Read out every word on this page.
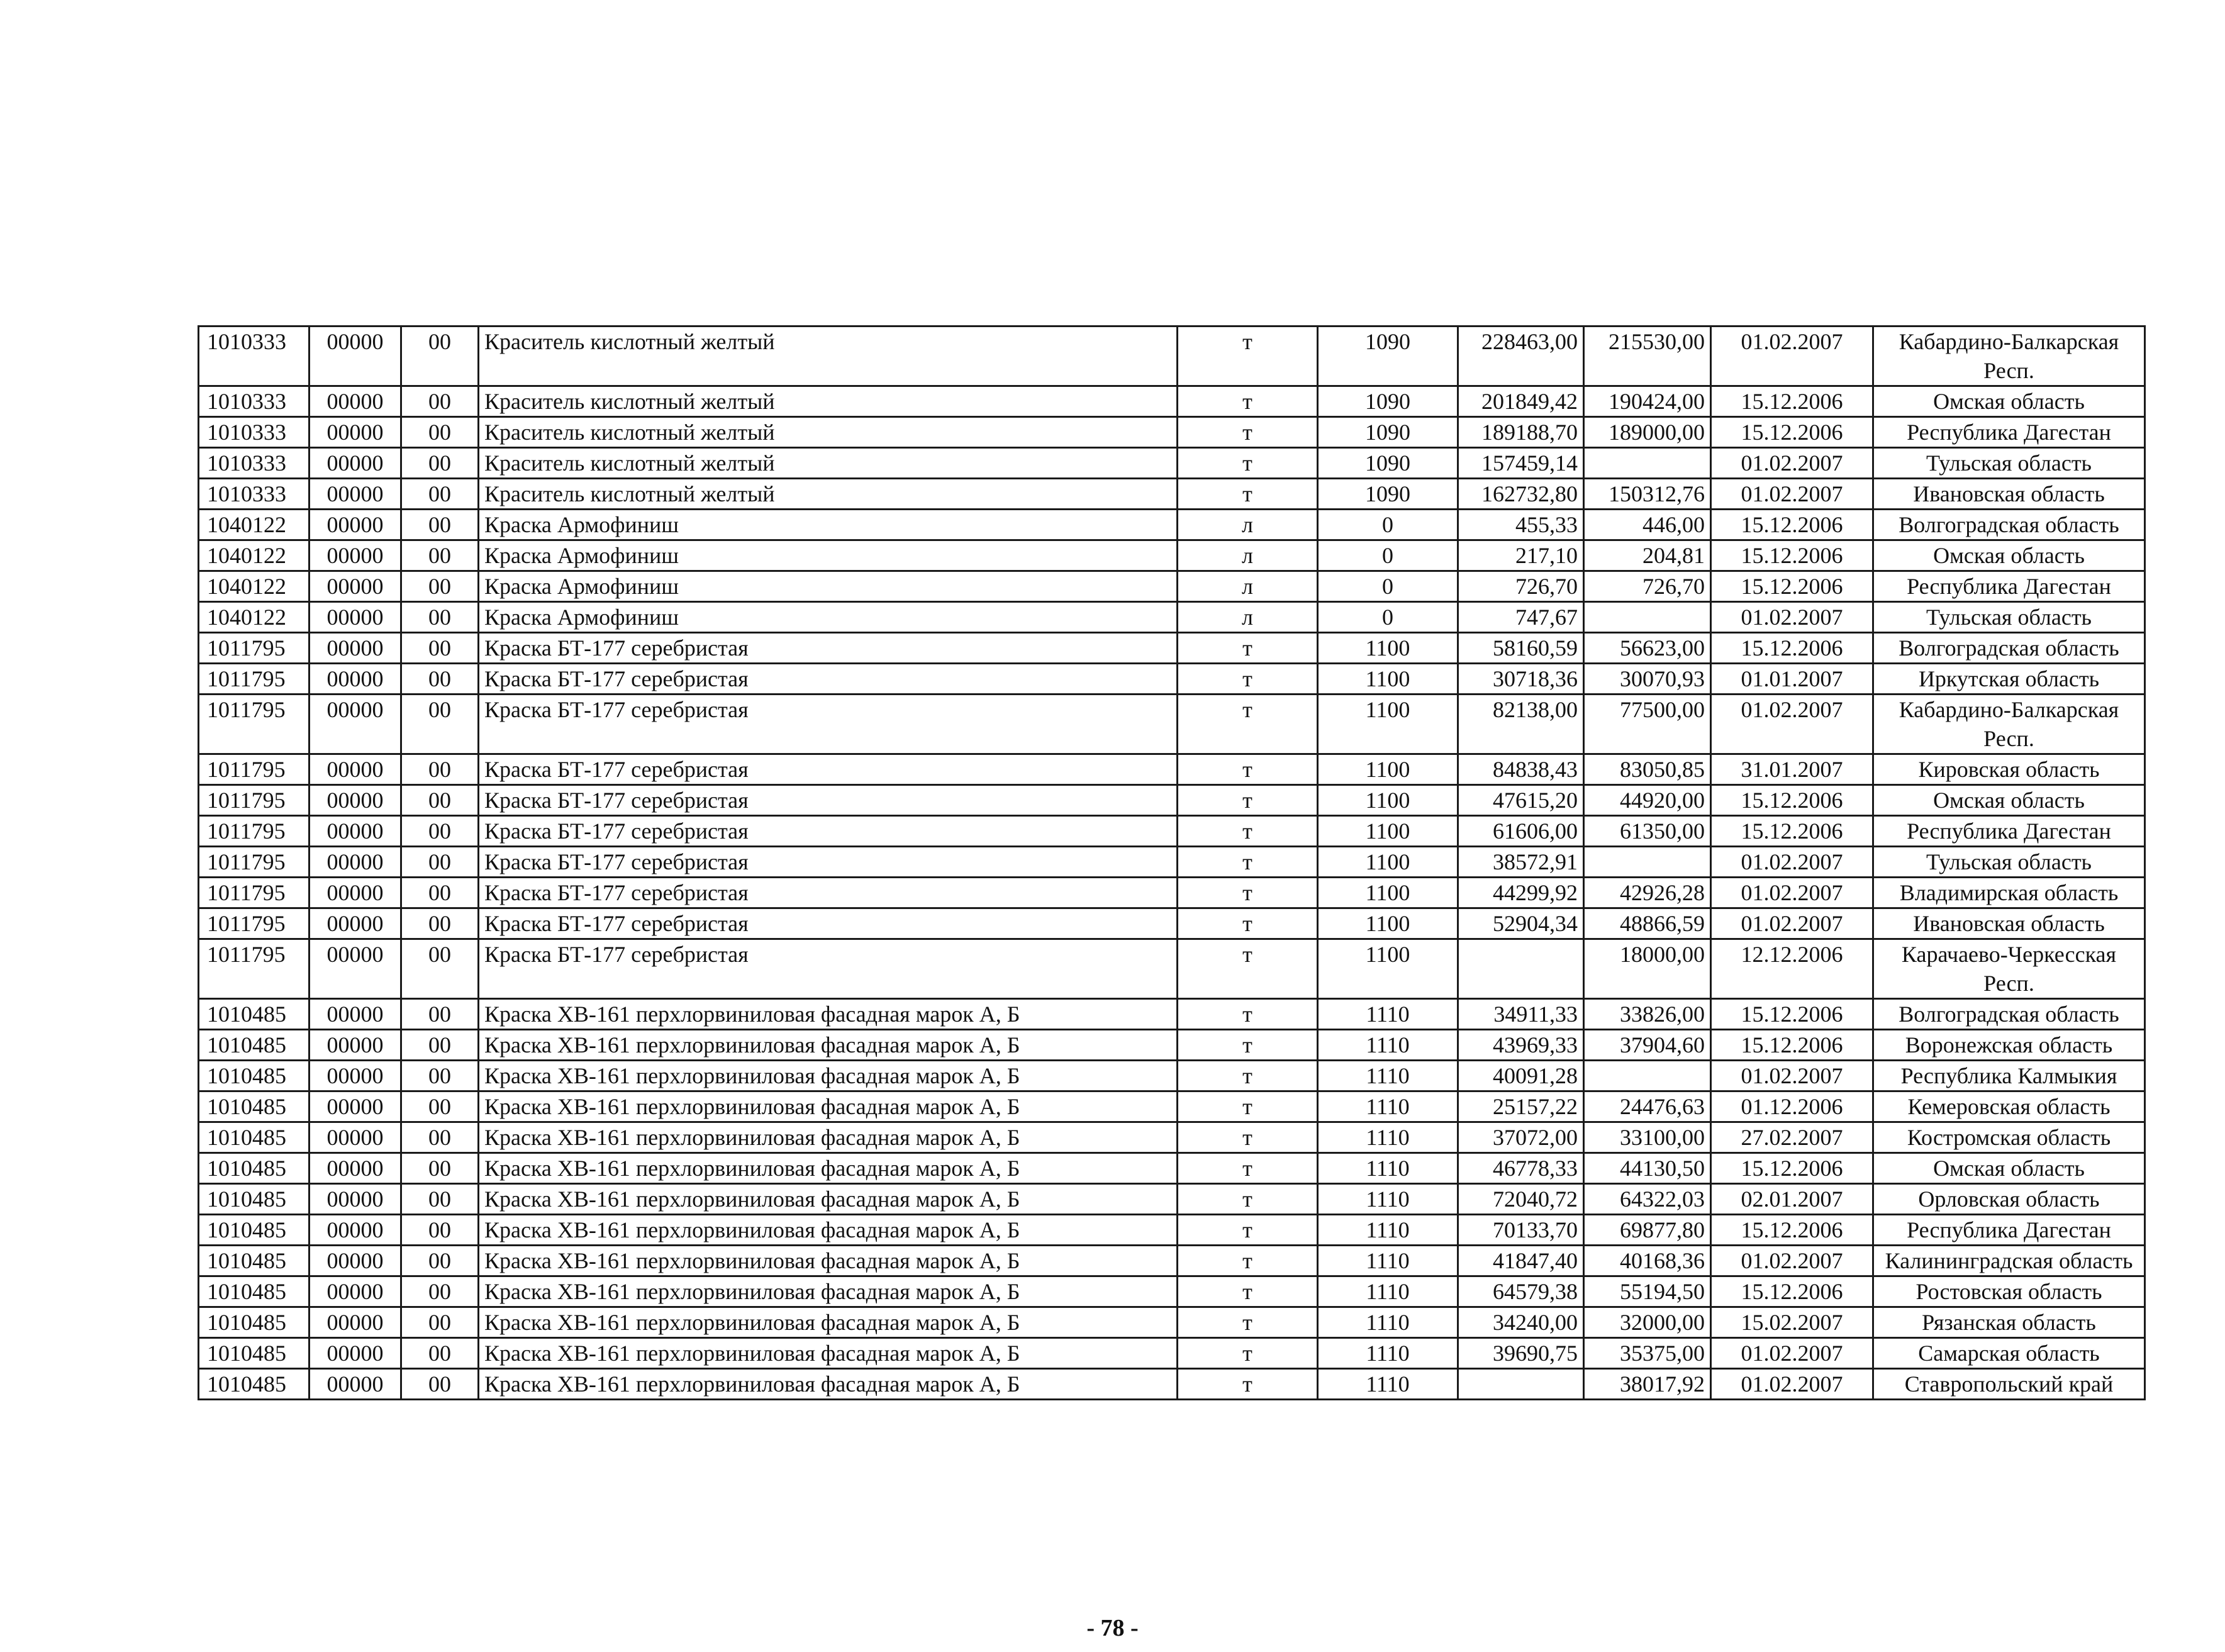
1010333	00000	00	Краситель кислотный желтый	т	1090	228463,00	215530,00	01.02.2007	Кабардино-Балкарская Респ.
1010333	00000	00	Краситель кислотный желтый	т	1090	201849,42	190424,00	15.12.2006	Омская область
1010333	00000	00	Краситель кислотный желтый	т	1090	189188,70	189000,00	15.12.2006	Республика Дагестан
1010333	00000	00	Краситель кислотный желтый	т	1090	157459,14		01.02.2007	Тульская область
1010333	00000	00	Краситель кислотный желтый	т	1090	162732,80	150312,76	01.02.2007	Ивановская область
1040122	00000	00	Краска Армофиниш	л	0	455,33	446,00	15.12.2006	Волгоградская область
1040122	00000	00	Краска Армофиниш	л	0	217,10	204,81	15.12.2006	Омская область
1040122	00000	00	Краска Армофиниш	л	0	726,70	726,70	15.12.2006	Республика Дагестан
1040122	00000	00	Краска Армофиниш	л	0	747,67		01.02.2007	Тульская область
1011795	00000	00	Краска БТ-177 серебристая	т	1100	58160,59	56623,00	15.12.2006	Волгоградская область
1011795	00000	00	Краска БТ-177 серебристая	т	1100	30718,36	30070,93	01.01.2007	Иркутская область
1011795	00000	00	Краска БТ-177 серебристая	т	1100	82138,00	77500,00	01.02.2007	Кабардино-Балкарская Респ.
1011795	00000	00	Краска БТ-177 серебристая	т	1100	84838,43	83050,85	31.01.2007	Кировская область
1011795	00000	00	Краска БТ-177 серебристая	т	1100	47615,20	44920,00	15.12.2006	Омская область
1011795	00000	00	Краска БТ-177 серебристая	т	1100	61606,00	61350,00	15.12.2006	Республика Дагестан
1011795	00000	00	Краска БТ-177 серебристая	т	1100	38572,91		01.02.2007	Тульская область
1011795	00000	00	Краска БТ-177 серебристая	т	1100	44299,92	42926,28	01.02.2007	Владимирская область
1011795	00000	00	Краска БТ-177 серебристая	т	1100	52904,34	48866,59	01.02.2007	Ивановская область
1011795	00000	00	Краска БТ-177 серебристая	т	1100		18000,00	12.12.2006	Карачаево-Черкесская Респ.
1010485	00000	00	Краска ХВ-161 перхлорвиниловая фасадная марок А, Б	т	1110	34911,33	33826,00	15.12.2006	Волгоградская область
1010485	00000	00	Краска ХВ-161 перхлорвиниловая фасадная марок А, Б	т	1110	43969,33	37904,60	15.12.2006	Воронежская область
1010485	00000	00	Краска ХВ-161 перхлорвиниловая фасадная марок А, Б	т	1110	40091,28		01.02.2007	Республика Калмыкия
1010485	00000	00	Краска ХВ-161 перхлорвиниловая фасадная марок А, Б	т	1110	25157,22	24476,63	01.12.2006	Кемеровская область
1010485	00000	00	Краска ХВ-161 перхлорвиниловая фасадная марок А, Б	т	1110	37072,00	33100,00	27.02.2007	Костромская область
1010485	00000	00	Краска ХВ-161 перхлорвиниловая фасадная марок А, Б	т	1110	46778,33	44130,50	15.12.2006	Омская область
1010485	00000	00	Краска ХВ-161 перхлорвиниловая фасадная марок А, Б	т	1110	72040,72	64322,03	02.01.2007	Орловская область
1010485	00000	00	Краска ХВ-161 перхлорвиниловая фасадная марок А, Б	т	1110	70133,70	69877,80	15.12.2006	Республика Дагестан
1010485	00000	00	Краска ХВ-161 перхлорвиниловая фасадная марок А, Б	т	1110	41847,40	40168,36	01.02.2007	Калининградская область
1010485	00000	00	Краска ХВ-161 перхлорвиниловая фасадная марок А, Б	т	1110	64579,38	55194,50	15.12.2006	Ростовская область
1010485	00000	00	Краска ХВ-161 перхлорвиниловая фасадная марок А, Б	т	1110	34240,00	32000,00	15.02.2007	Рязанская область
1010485	00000	00	Краска ХВ-161 перхлорвиниловая фасадная марок А, Б	т	1110	39690,75	35375,00	01.02.2007	Самарская область
1010485	00000	00	Краска ХВ-161 перхлорвиниловая фасадная марок А, Б	т	1110		38017,92	01.02.2007	Ставропольский край
- 78 -
